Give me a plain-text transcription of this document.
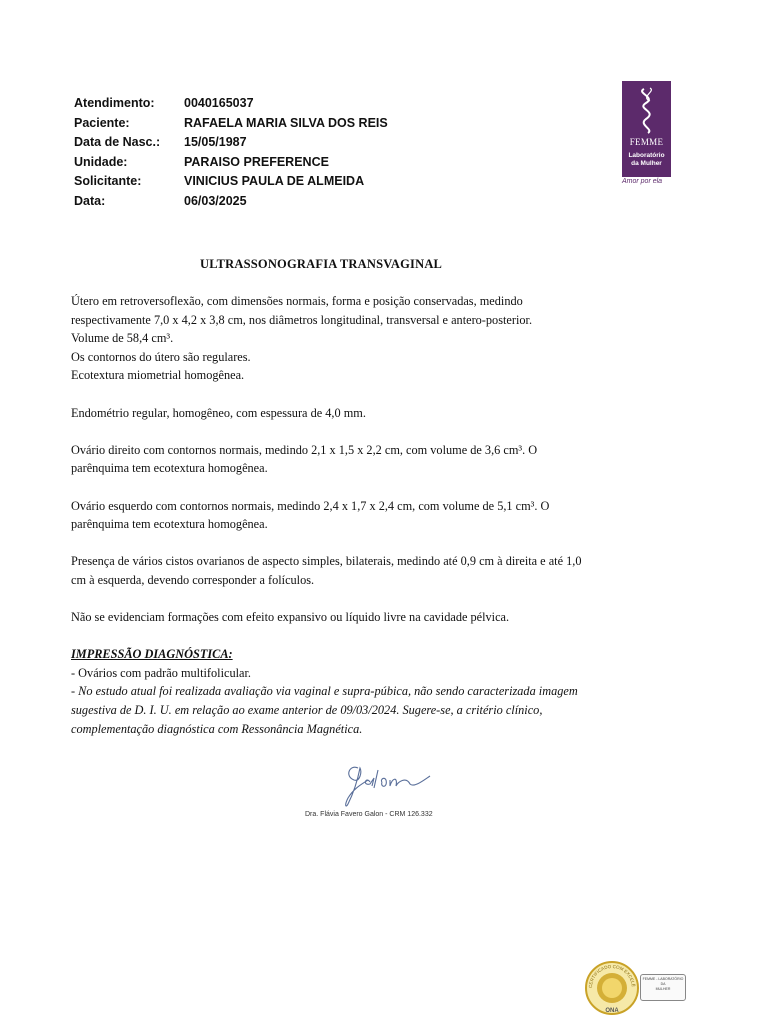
Atendimento:	0040165037
Paciente:	RAFAELA MARIA SILVA DOS REIS
Data de Nasc.:	15/05/1987
Unidade:	PARAISO PREFERENCE
Solicitante:	VINICIUS PAULA DE ALMEIDA
Data:	06/03/2025
FEMME
Laboratório
da Mulher
Amor por ela
ULTRASSONOGRAFIA TRANSVAGINAL

Útero em retroversoflexão, com dimensões normais, forma e posição conservadas, medindo
respectivamente 7,0 x 4,2 x 3,8 cm, nos diâmetros longitudinal, transversal e antero-posterior.
Volume de 58,4 cm³.
Os contornos do útero são regulares.
Ecotextura miometrial homogênea.

Endométrio regular, homogêneo, com espessura de 4,0 mm.

Ovário direito com contornos normais, medindo 2,1 x 1,5 x 2,2 cm, com volume de 3,6 cm³. O
parênquima tem ecotextura homogênea.

Ovário esquerdo com contornos normais, medindo 2,4 x 1,7 x 2,4 cm, com volume de 5,1 cm³. O
parênquima tem ecotextura homogênea.

Presença de vários cistos ovarianos de aspecto simples, bilaterais, medindo até 0,9 cm à direita e até 1,0
cm à esquerda, devendo corresponder a folículos.

Não se evidenciam formações com efeito expansivo ou líquido livre na cavidade pélvica.

IMPRESSÃO DIAGNÓSTICA:
- Ovários com padrão multifolicular.
- No estudo atual foi realizada avaliação via vaginal e supra-púbica, não sendo caracterizada imagem
sugestiva de D. I. U. em relação ao exame anterior de 09/03/2024. Sugere-se, a critério clínico,
complementação diagnóstica com Ressonância Magnética.
Dra. Flávia Favero Galon - CRM 126.332
CERTIFICADO COM EXCELÊ
ONA
FEMME - LABORATÓRIO DA
MULHER
